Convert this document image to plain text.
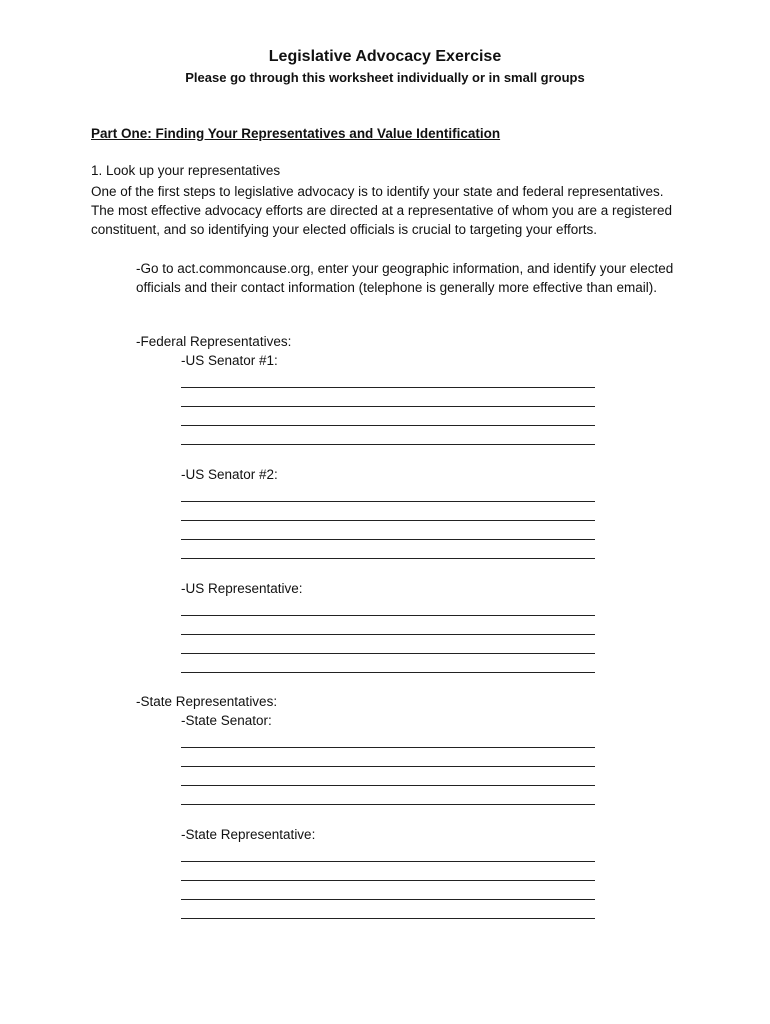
Legislative Advocacy Exercise
Please go through this worksheet individually or in small groups
Part One: Finding Your Representatives and Value Identification
1. Look up your representatives

One of the first steps to legislative advocacy is to identify your state and federal representatives. The most effective advocacy efforts are directed at a representative of whom you are a registered constituent, and so identifying your elected officials is crucial to targeting your efforts.

-Go to act.commoncause.org, enter your geographic information, and identify your elected officials and their contact information (telephone is generally more effective than email).

-Federal Representatives:
-US Senator #1:
-US Senator #2:
-US Representative:
-State Representatives:
-State Senator:
-State Representative:
